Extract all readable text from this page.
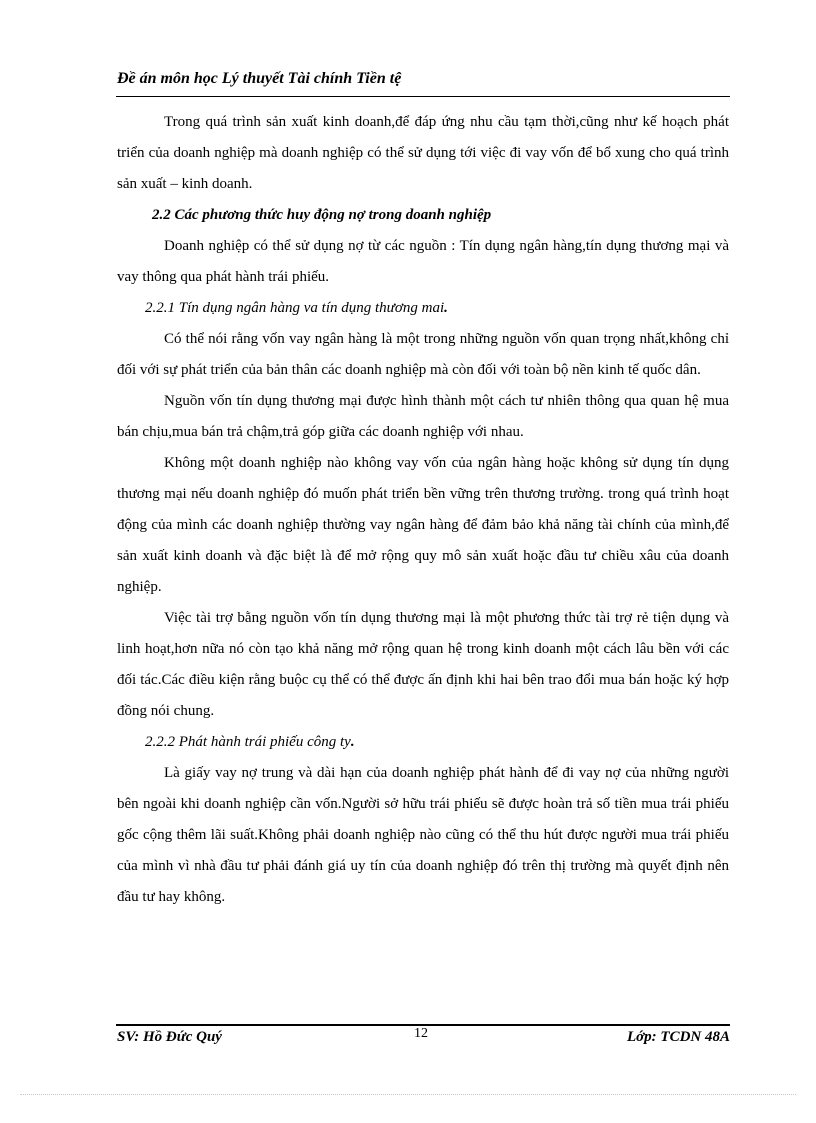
Đề án môn học Lý thuyết Tài chính Tiền tệ

Trong quá trình sản xuất kinh doanh,để đáp ứng nhu cầu tạm thời,cũng như kế hoạch phát triển của doanh nghiệp mà doanh nghiệp có thể sử dụng tới việc đi vay vốn để bổ xung cho quá trình sản xuất – kinh doanh.

2.2 Các phương thức huy động nợ trong doanh nghiệp

Doanh nghiệp có thể sử dụng nợ từ các nguồn : Tín dụng ngân hàng,tín dụng thương mại và vay thông qua phát hành trái phiếu.

2.2.1 Tín dụng ngân hàng va tín dụng thương mai.

Có thể nói rằng vốn vay ngân hàng là một trong những nguồn vốn quan trọng nhất,không chỉ đối với sự phát triển của bản thân các doanh nghiệp mà còn đối với toàn bộ nền kinh tế quốc dân.

Nguồn vốn tín dụng thương mại được hình thành một cách tư nhiên thông qua quan hệ mua bán chịu,mua bán trả chậm,trả góp giữa các doanh nghiệp với nhau.

Không một doanh nghiệp nào không vay vốn của ngân hàng hoặc không sử dụng tín dụng thương mại nếu doanh nghiệp đó muốn phát triển bền vững trên thương trường. trong quá trình hoạt động của mình các doanh nghiệp thường vay ngân hàng để đảm bảo khả năng tài chính của mình,để sản xuất kinh doanh và đặc biệt là để mở rộng quy mô sản xuất hoặc đầu tư chiều xâu của doanh nghiệp.

Việc tài trợ bằng nguồn vốn tín dụng thương mại là một phương thức tài trợ rẻ tiện dụng và linh hoạt,hơn nữa nó còn tạo khả năng mở rộng quan hệ trong kinh doanh một cách lâu bền với các đối tác.Các điều kiện rằng buộc cụ thể có thể được ấn định khi hai bên trao đổi mua bán hoặc ký hợp đồng nói chung.

2.2.2 Phát hành trái phiếu công ty.

Là giấy vay nợ trung và dài hạn của doanh nghiệp phát hành để đi vay nợ của những người bên ngoài khi doanh nghiệp cần vốn.Người sở hữu trái phiếu sẽ được hoàn trả số tiền mua trái phiếu gốc cộng thêm lãi suất.Không phải doanh nghiệp nào cũng có thể thu hút được người mua trái phiếu của mình vì nhà đầu tư phải đánh giá uy tín của doanh nghiệp đó trên thị trường mà quyết định nên đầu tư hay không.

SV: Hồ Đức Quý	12	Lớp: TCDN 48A
